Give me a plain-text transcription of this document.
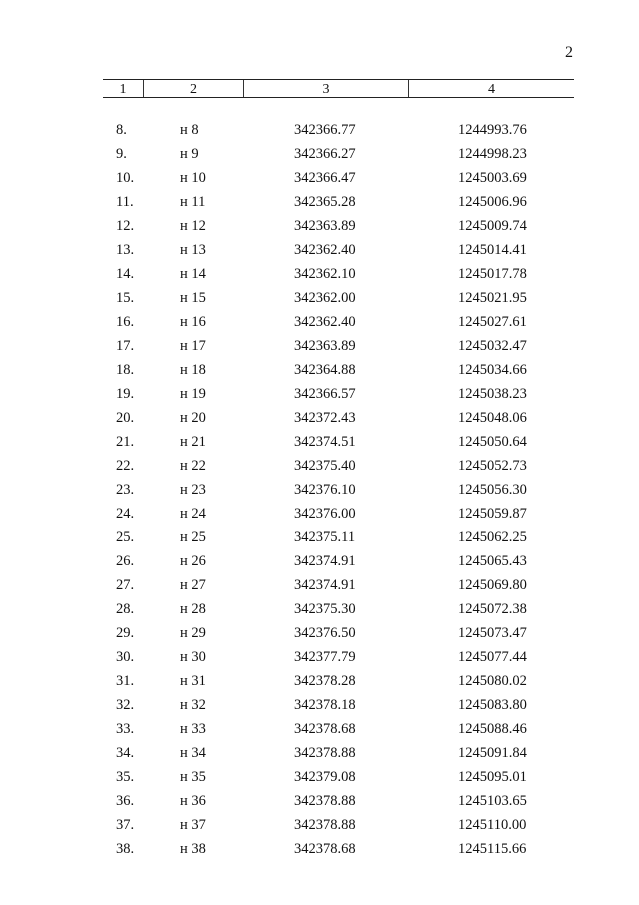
2
1	2	3	4
8.	н 8	342366.77	1244993.76
9.	н 9	342366.27	1244998.23
10.	н 10	342366.47	1245003.69
11.	н 11	342365.28	1245006.96
12.	н 12	342363.89	1245009.74
13.	н 13	342362.40	1245014.41
14.	н 14	342362.10	1245017.78
15.	н 15	342362.00	1245021.95
16.	н 16	342362.40	1245027.61
17.	н 17	342363.89	1245032.47
18.	н 18	342364.88	1245034.66
19.	н 19	342366.57	1245038.23
20.	н 20	342372.43	1245048.06
21.	н 21	342374.51	1245050.64
22.	н 22	342375.40	1245052.73
23.	н 23	342376.10	1245056.30
24.	н 24	342376.00	1245059.87
25.	н 25	342375.11	1245062.25
26.	н 26	342374.91	1245065.43
27.	н 27	342374.91	1245069.80
28.	н 28	342375.30	1245072.38
29.	н 29	342376.50	1245073.47
30.	н 30	342377.79	1245077.44
31.	н 31	342378.28	1245080.02
32.	н 32	342378.18	1245083.80
33.	н 33	342378.68	1245088.46
34.	н 34	342378.88	1245091.84
35.	н 35	342379.08	1245095.01
36.	н 36	342378.88	1245103.65
37.	н 37	342378.88	1245110.00
38.	н 38	342378.68	1245115.66
